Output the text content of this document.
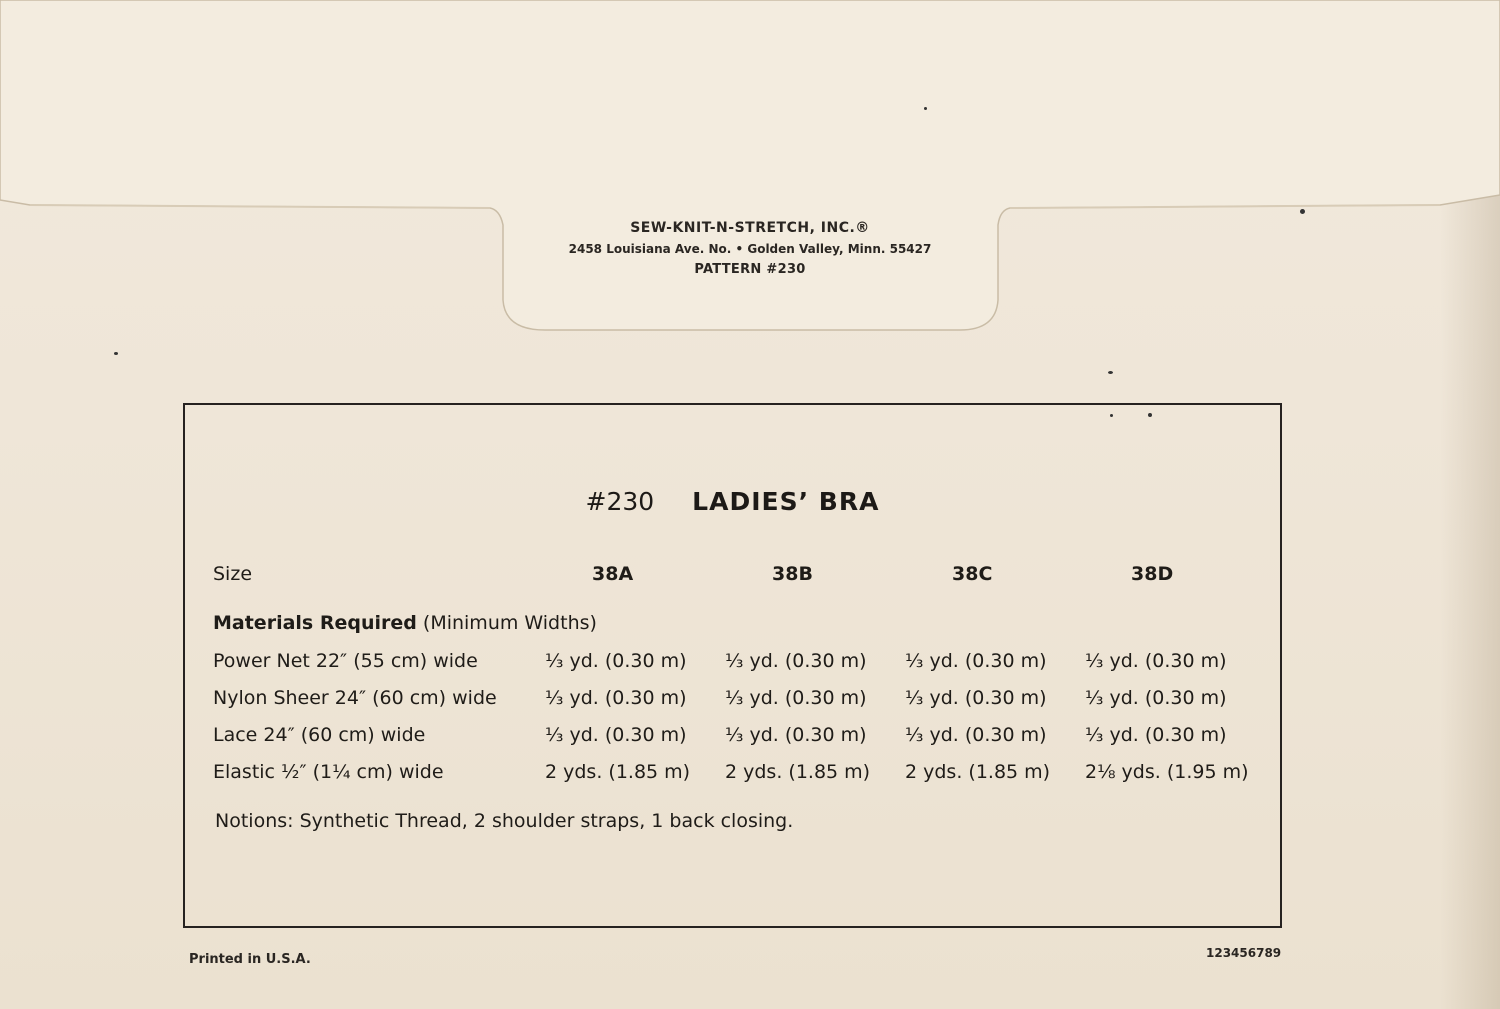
SEW-KNIT-N-STRETCH, INC.®
2458 Louisiana Ave. No. • Golden Valley, Minn. 55427
PATTERN #230
#230 LADIES’ BRA
Size	38A	38B	38C	38D
Materials Required (Minimum Widths)
Power Net 22″ (55 cm) wide	⅓ yd. (0.30 m) ⅓ yd. (0.30 m) ⅓ yd. (0.30 m) ⅓ yd. (0.30 m)
Nylon Sheer 24″ (60 cm) wide	⅓ yd. (0.30 m) ⅓ yd. (0.30 m) ⅓ yd. (0.30 m) ⅓ yd. (0.30 m)
Lace 24″ (60 cm) wide	⅓ yd. (0.30 m) ⅓ yd. (0.30 m) ⅓ yd. (0.30 m) ⅓ yd. (0.30 m)
Elastic ½″ (1¼ cm) wide	2 yds. (1.85 m) 2 yds. (1.85 m) 2 yds. (1.85 m) 2⅛ yds. (1.95 m)
Notions: Synthetic Thread, 2 shoulder straps, 1 back closing.
Printed in U.S.A.	123456789
